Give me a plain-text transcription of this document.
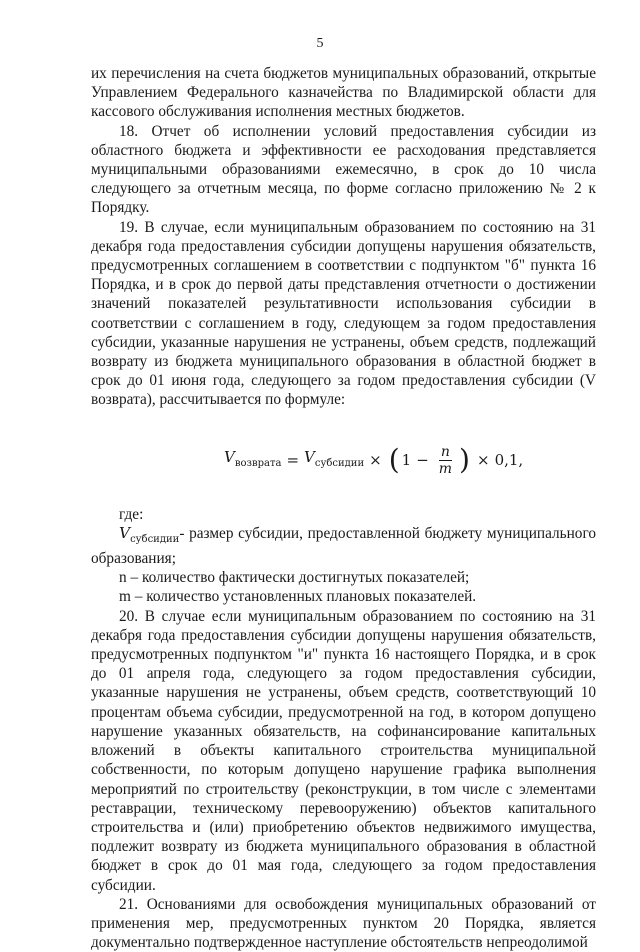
5

их перечисления на счета бюджетов муниципальных образований, открытые Управлением Федерального казначейства по Владимирской области для кассового обслуживания исполнения местных бюджетов.

18. Отчет об исполнении условий предоставления субсидии из областного бюджета и эффективности ее расходования представляется муниципальными образованиями ежемесячно, в срок до 10 числа следующего за отчетным месяца, по форме согласно приложению № 2 к Порядку.

19. В случае, если муниципальным образованием по состоянию на 31 декабря года предоставления субсидии допущены нарушения обязательств, предусмотренных соглашением в соответствии с подпунктом "б" пункта 16 Порядка, и в срок до первой даты представления отчетности о достижении значений показателей результативности использования субсидии в соответствии с соглашением в году, следующем за годом предоставления субсидии, указанные нарушения не устранены, объем средств, подлежащий возврату из бюджета муниципального образования в областной бюджет в срок до 01 июня года, следующего за годом предоставления субсидии (V возврата), рассчитывается по формуле:

$V_{возврата} = V_{субсидии}$ × ( $1 - \frac{n}{m}$ ) × 0,1,

где:

$V_{субсидии}-$ размер субсидии, предоставленной бюджету муниципального образования;

n – количество фактически достигнутых показателей;

m – количество установленных плановых показателей.

20. В случае если муниципальным образованием по состоянию на 31 декабря года предоставления субсидии допущены нарушения обязательств, предусмотренных подпунктом "и" пункта 16 настоящего Порядка, и в срок до 01 апреля года, следующего за годом предоставления субсидии, указанные нарушения не устранены, объем средств, соответствующий 10 процентам объема субсидии, предусмотренной на год, в котором допущено нарушение указанных обязательств, на софинансирование капитальных вложений в объекты капитального строительства муниципальной собственности, по которым допущено нарушение графика выполнения мероприятий по строительству (реконструкции, в том числе с элементами реставрации, техническому перевооружению) объектов капитального строительства и (или) приобретению объектов недвижимого имущества, подлежит возврату из бюджета муниципального образования в областной бюджет в срок до 01 мая года, следующего за годом предоставления субсидии.

21. Основаниями для освобождения муниципальных образований от применения мер, предусмотренных пунктом 20 Порядка, является документально подтвержденное наступление обстоятельств непреодолимой
